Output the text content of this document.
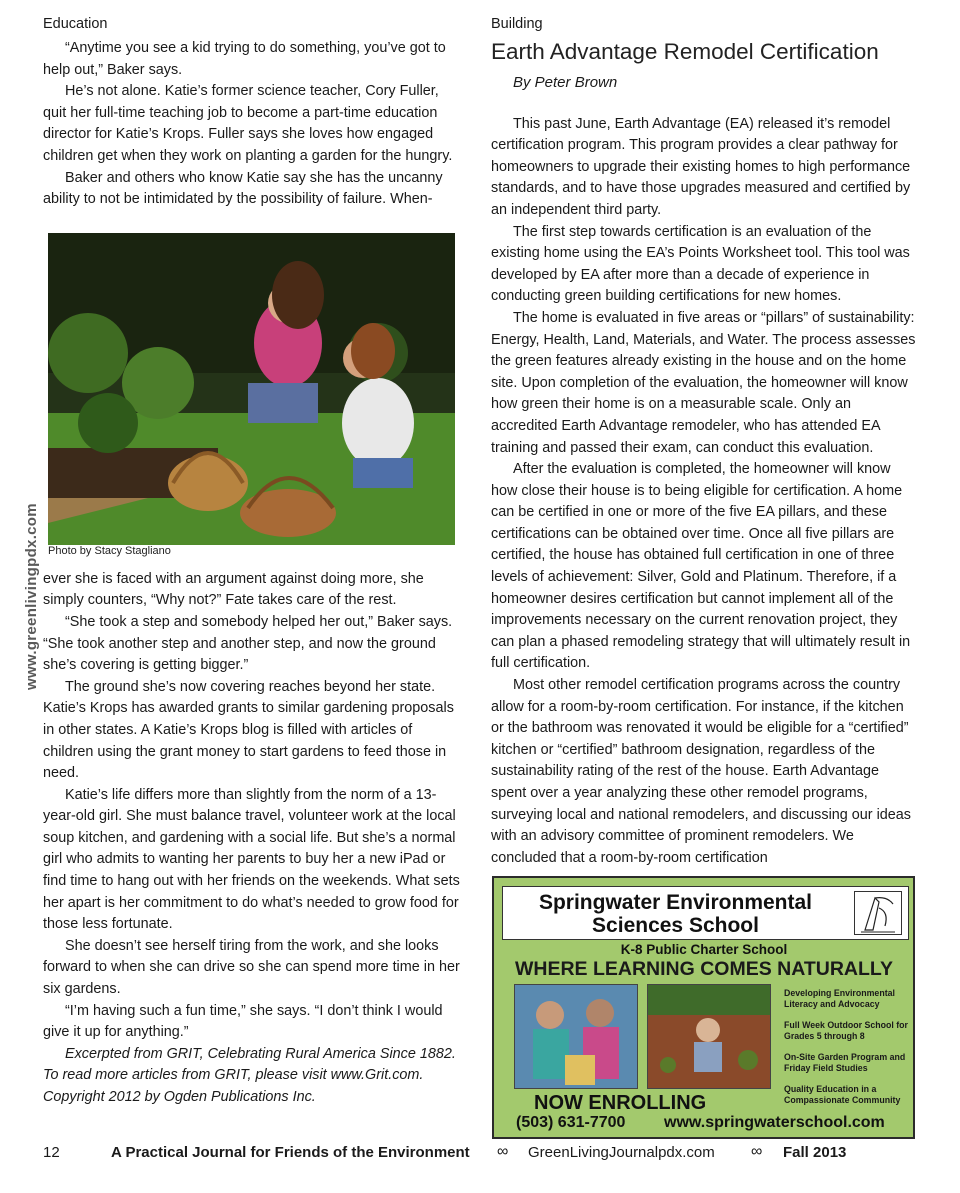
Education

“Anytime you see a kid trying to do something, you’ve got to help out,” Baker says.

He’s not alone. Katie’s former science teacher, Cory Fuller, quit her full-time teaching job to become a part-time education director for Katie’s Krops. Fuller says she loves how engaged children get when they work on planting a garden for the hungry.

Baker and others who know Katie say she has the uncanny ability to not be intimidated by the possibility of failure. When-

ever she is faced with an argument against doing more, she simply counters, “Why not?” Fate takes care of the rest.

“She took a step and somebody helped her out,” Baker says. “She took another step and another step, and now the ground she’s covering is getting bigger.”

The ground she’s now covering reaches beyond her state. Katie’s Krops has awarded grants to similar gardening proposals in other states. A Katie’s Krops blog is filled with articles of children using the grant money to start gardens to feed those in need.

Katie’s life differs more than slightly from the norm of a 13-year-old girl. She must balance travel, volunteer work at the local soup kitchen, and gardening with a social life. But she’s a normal girl who admits to wanting her parents to buy her a new iPad or find time to hang out with her friends on the weekends. What sets her apart is her commitment to do what’s needed to grow food for those less fortunate.

She doesn’t see herself tiring from the work, and she looks forward to when she can drive so she can spend more time in her six gardens.

“I’m having such a fun time,” she says. “I don’t think I would give it up for anything.”

Excerpted from GRIT, Celebrating Rural America Since 1882. To read more articles from GRIT, please visit www.Grit.com. Copyright 2012 by Ogden Publications Inc.

Photo by Stacy Stagliano
www.greenlivingpdx.com
Building
Earth Advantage Remodel Certification
By Peter Brown

This past June, Earth Advantage (EA) released it’s remodel certification program. This program provides a clear pathway for homeowners to upgrade their existing homes to high performance standards, and to have those upgrades measured and certified by an independent third party.

The first step towards certification is an evaluation of the existing home using the EA’s Points Worksheet tool. This tool was developed by EA after more than a decade of experience in conducting green building certifications for new homes.

The home is evaluated in five areas or “pillars” of sustainability: Energy, Health, Land, Materials, and Water. The process assesses the green features already existing in the house and on the home site. Upon completion of the evaluation, the homeowner will know how green their home is on a measurable scale. Only an accredited Earth Advantage remodeler, who has attended EA training and passed their exam, can conduct this evaluation.

After the evaluation is completed, the homeowner will know how close their house is to being eligible for certification. A home can be certified in one or more of the five EA pillars, and these certifications can be obtained over time. Once all five pillars are certified, the house has obtained full certification in one of three levels of achievement: Silver, Gold and Platinum. Therefore, if a homeowner desires certification but cannot implement all of the improvements necessary on the current renovation project, they can plan a phased remodeling strategy that will ultimately result in full certification.

Most other remodel certification programs across the country allow for a room-by-room certification. For instance, if the kitchen or the bathroom was renovated it would be eligible for a “certified” kitchen or “certified” bathroom designation, regardless of the sustainability rating of the rest of the house. Earth Advantage spent over a year analyzing these other remodel programs, surveying local and national remodelers, and discussing our ideas with an advisory committee of prominent remodelers. We concluded that a room-by-room certification

Springwater Environmental
Sciences School
K-8 Public Charter School
WHERE LEARNING COMES NATURALLY
Developing Environmental Literacy and Advocacy
Full Week Outdoor School for Grades 5 through 8
On-Site Garden Program and Friday Field Studies
Quality Education in a Compassionate Community
NOW ENROLLING
(503) 631-7700 www.springwaterschool.com
12	A Practical Journal for Friends of the Environment ∞ GreenLivingJournalpdx.com ∞ Fall 2013
